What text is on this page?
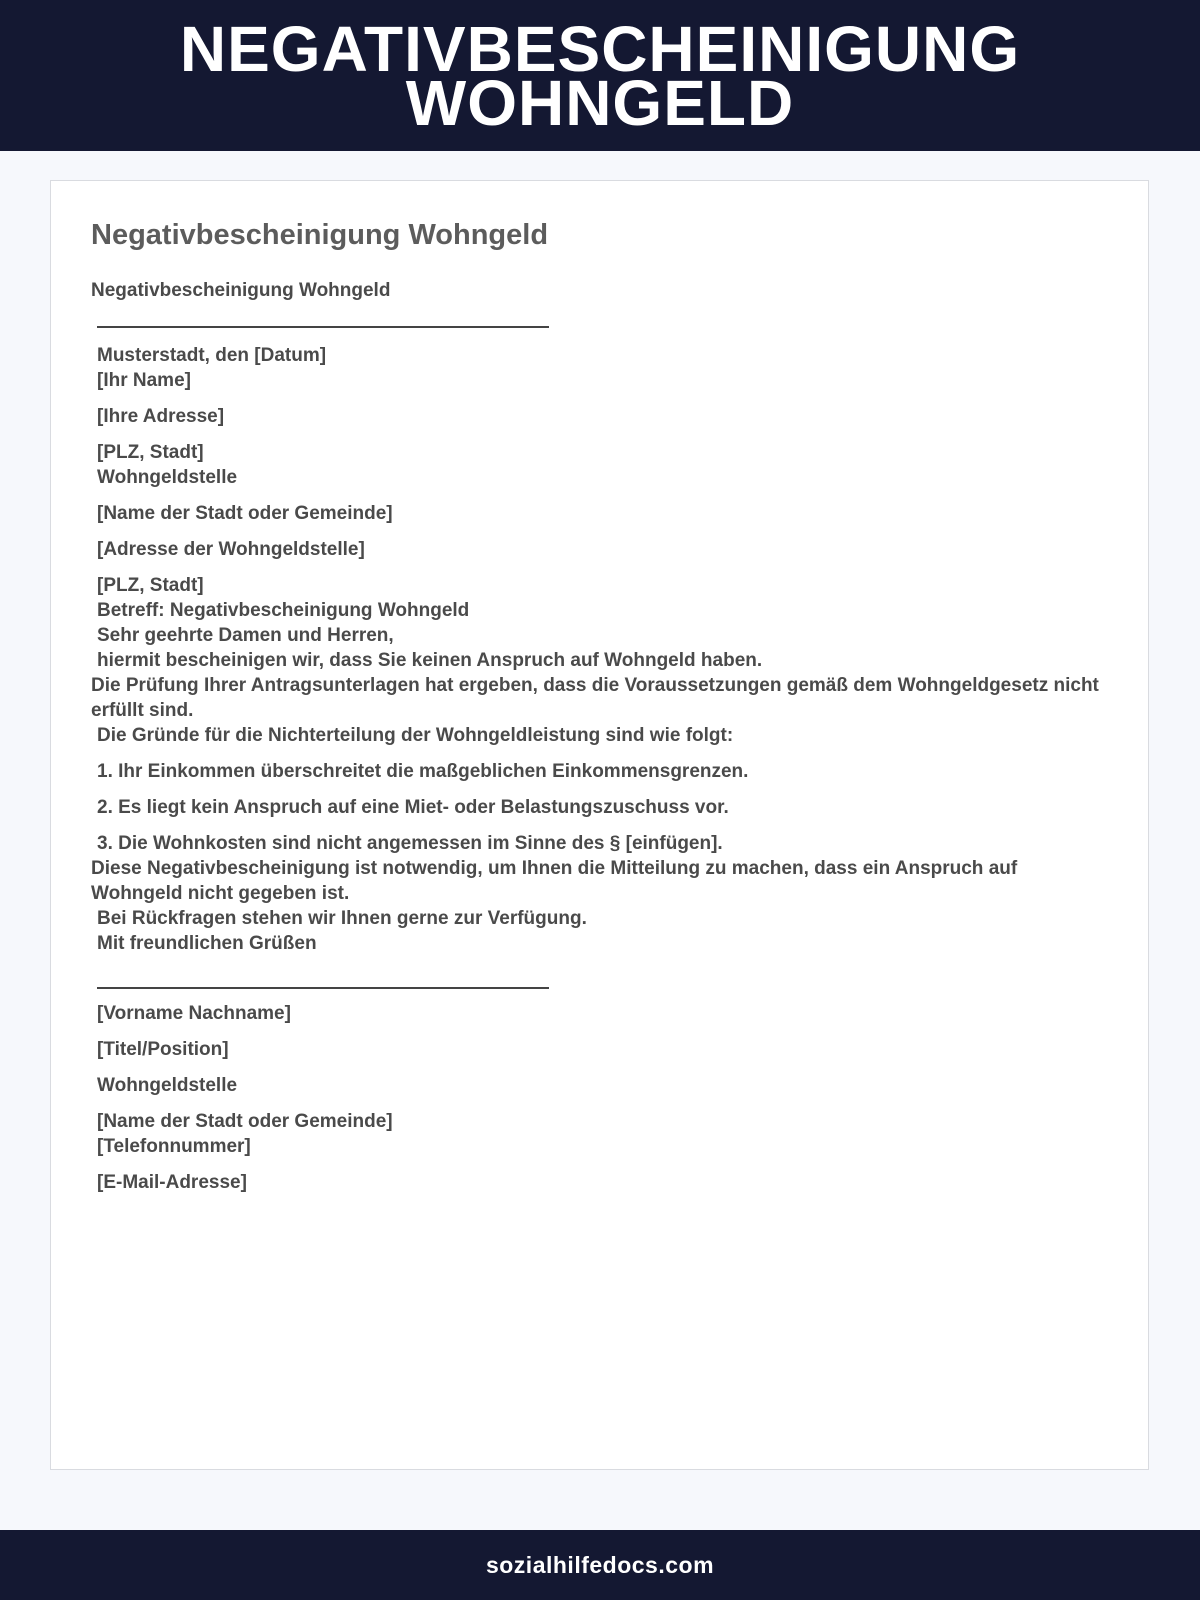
NEGATIVBESCHEINIGUNG
WOHNGELD
Negativbescheinigung Wohngeld
Negativbescheinigung Wohngeld
Musterstadt, den [Datum]
[Ihr Name]
[Ihre Adresse]
[PLZ, Stadt]
Wohngeldstelle
[Name der Stadt oder Gemeinde]
[Adresse der Wohngeldstelle]
[PLZ, Stadt]
Betreff: Negativbescheinigung Wohngeld
Sehr geehrte Damen und Herren,
hiermit bescheinigen wir, dass Sie keinen Anspruch auf Wohngeld haben.
Die Prüfung Ihrer Antragsunterlagen hat ergeben, dass die Voraussetzungen gemäß dem Wohngeldgesetz nicht erfüllt sind.
Die Gründe für die Nichterteilung der Wohngeldleistung sind wie folgt:
1. Ihr Einkommen überschreitet die maßgeblichen Einkommensgrenzen.
2. Es liegt kein Anspruch auf eine Miet- oder Belastungszuschuss vor.
3. Die Wohnkosten sind nicht angemessen im Sinne des § [einfügen].
Diese Negativbescheinigung ist notwendig, um Ihnen die Mitteilung zu machen, dass ein Anspruch auf Wohngeld nicht gegeben ist.
Bei Rückfragen stehen wir Ihnen gerne zur Verfügung.
Mit freundlichen Grüßen
[Vorname Nachname]
[Titel/Position]
Wohngeldstelle
[Name der Stadt oder Gemeinde]
[Telefonnummer]
[E-Mail-Adresse]
sozialhilfedocs.com
